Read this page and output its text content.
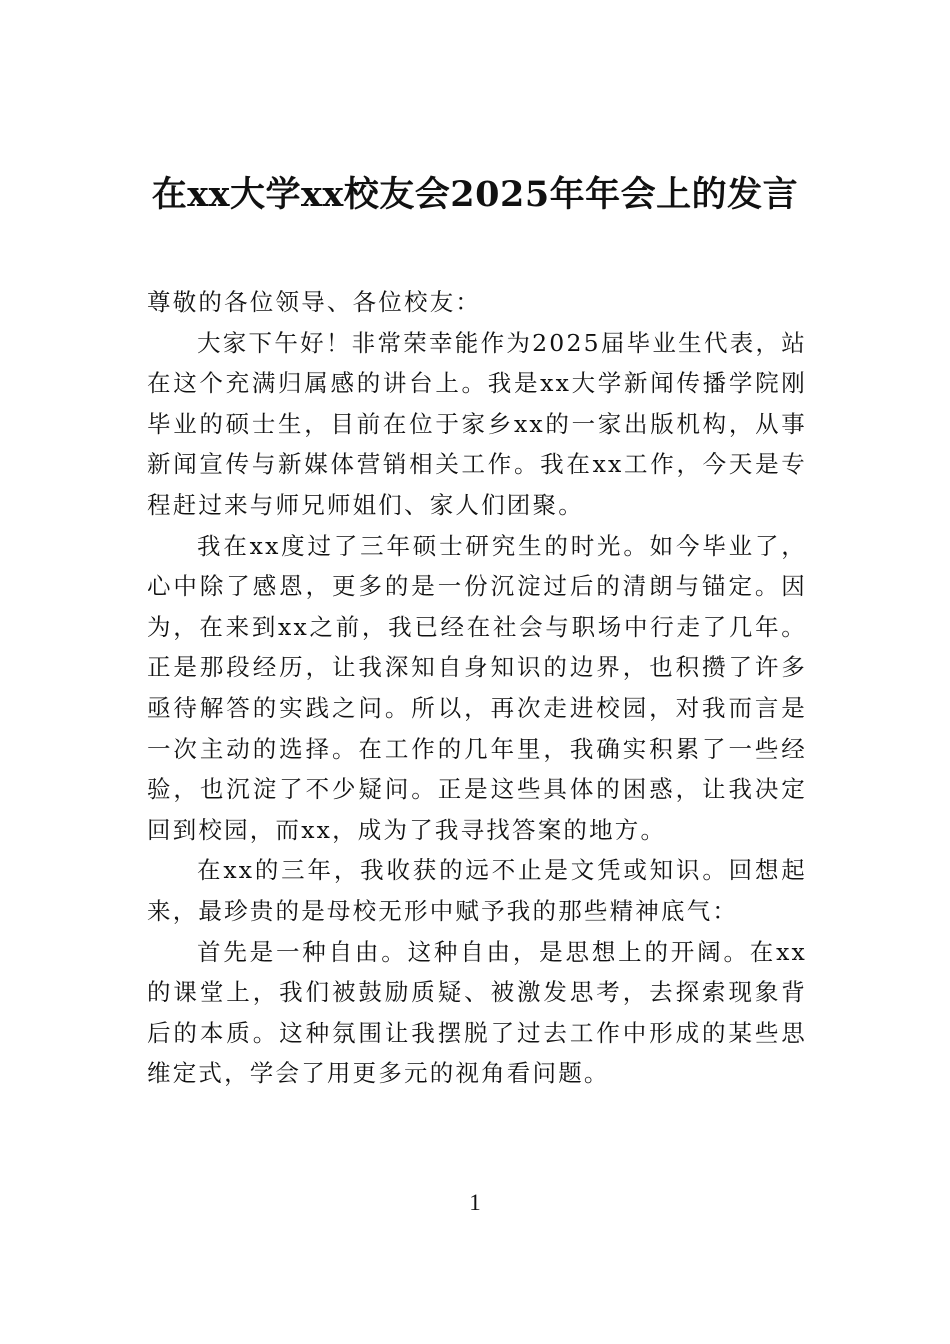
在xx大学xx校友会2025年年会上的发言

尊敬的各位领导、各位校友：

大家下午好！非常荣幸能作为2025届毕业生代表，站在这个充满归属感的讲台上。我是xx大学新闻传播学院刚毕业的硕士生，目前在位于家乡xx的一家出版机构，从事新闻宣传与新媒体营销相关工作。我在xx工作，今天是专程赶过来与师兄师姐们、家人们团聚。

我在xx度过了三年硕士研究生的时光。如今毕业了，心中除了感恩，更多的是一份沉淀过后的清朗与锚定。因为，在来到xx之前，我已经在社会与职场中行走了几年。正是那段经历，让我深知自身知识的边界，也积攒了许多亟待解答的实践之问。所以，再次走进校园，对我而言是一次主动的选择。在工作的几年里，我确实积累了一些经验，也沉淀了不少疑问。正是这些具体的困惑，让我决定回到校园，而xx，成为了我寻找答案的地方。

在xx的三年，我收获的远不止是文凭或知识。回想起来，最珍贵的是母校无形中赋予我的那些精神底气：

首先是一种自由。这种自由，是思想上的开阔。在xx的课堂上，我们被鼓励质疑、被激发思考，去探索现象背后的本质。这种氛围让我摆脱了过去工作中形成的某些思维定式，学会了用更多元的视角看问题。

1
